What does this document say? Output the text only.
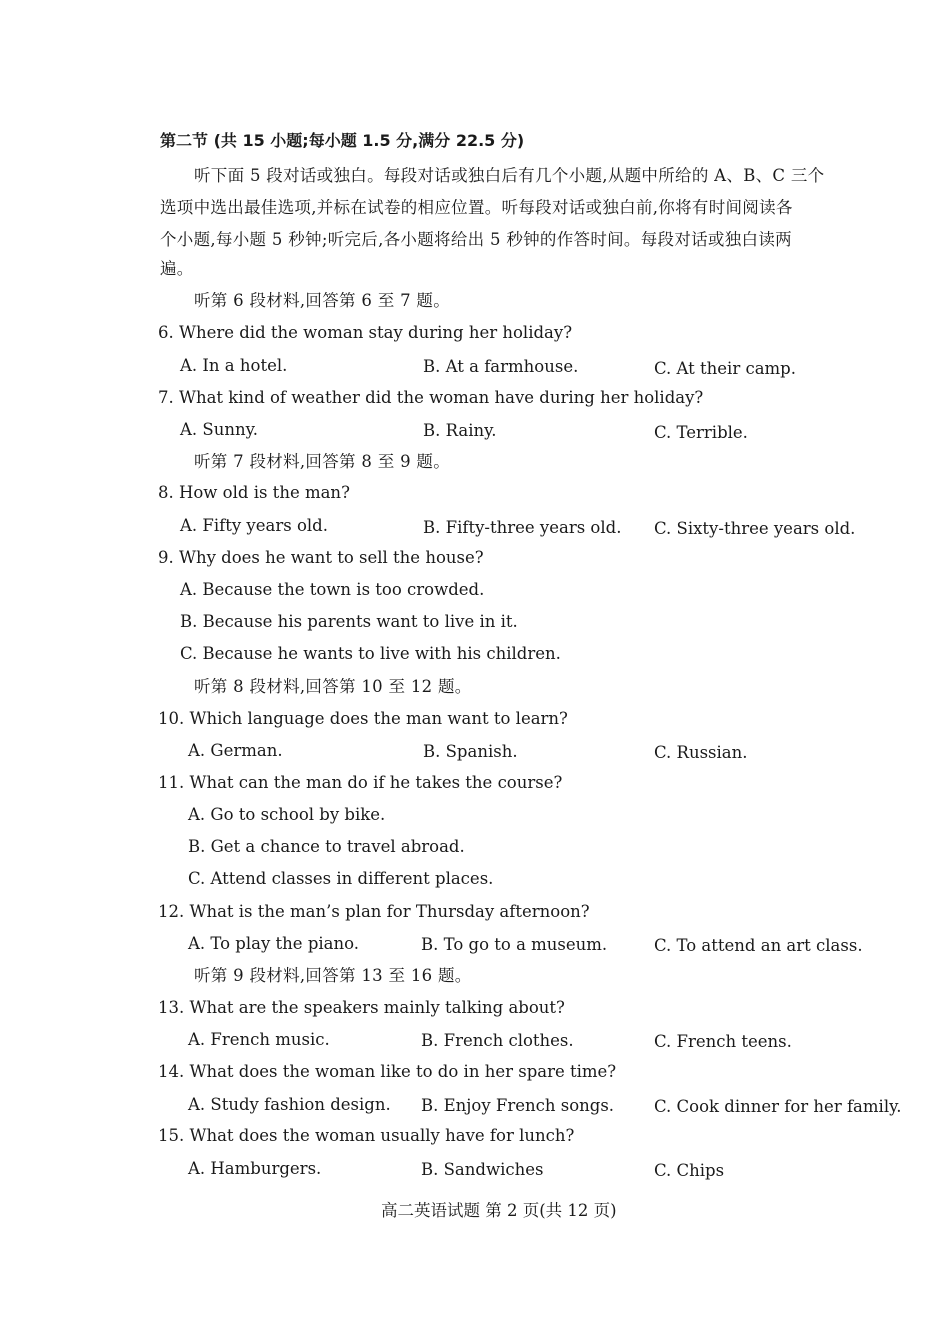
第二节 (共 15 小题;每小题 1.5 分,满分 22.5 分)
听下面 5 段对话或独白。每段对话或独白后有几个小题,从题中所给的 A、B、C 三个
选项中选出最佳选项,并标在试卷的相应位置。听每段对话或独白前,你将有时间阅读各
个小题,每小题 5 秒钟;听完后,各小题将给出 5 秒钟的作答时间。每段对话或独白读两
遍。
听第 6 段材料,回答第 6 至 7 题。
6. Where did the woman stay during her holiday?
A. In a hotel.	B. At a farmhouse.	C. At their camp.
7. What kind of weather did the woman have during her holiday?
A. Sunny.	B. Rainy.	C. Terrible.
听第 7 段材料,回答第 8 至 9 题。
8. How old is the man?
A. Fifty years old.	B. Fifty-three years old. C. Sixty-three years old.
9. Why does he want to sell the house?
A. Because the town is too crowded.
B. Because his parents want to live in it.
C. Because he wants to live with his children.
听第 8 段材料,回答第 10 至 12 题。
10. Which language does the man want to learn?
A. German.	B. Spanish.	C. Russian.
11. What can the man do if he takes the course?
A. Go to school by bike.
B. Get a chance to travel abroad.
C. Attend classes in different places.
12. What is the man’s plan for Thursday afternoon?
A. To play the piano.	B. To go to a museum.	C. To attend an art class.
听第 9 段材料,回答第 13 至 16 题。
13. What are the speakers mainly talking about?
A. French music.	B. French clothes.	C. French teens.
14. What does the woman like to do in her spare time?
A. Study fashion design. B. Enjoy French songs. C. Cook dinner for her family.
15. What does the woman usually have for lunch?
A. Hamburgers.	B. Sandwiches	C. Chips
高二英语试题 第 2 页(共 12 页)
